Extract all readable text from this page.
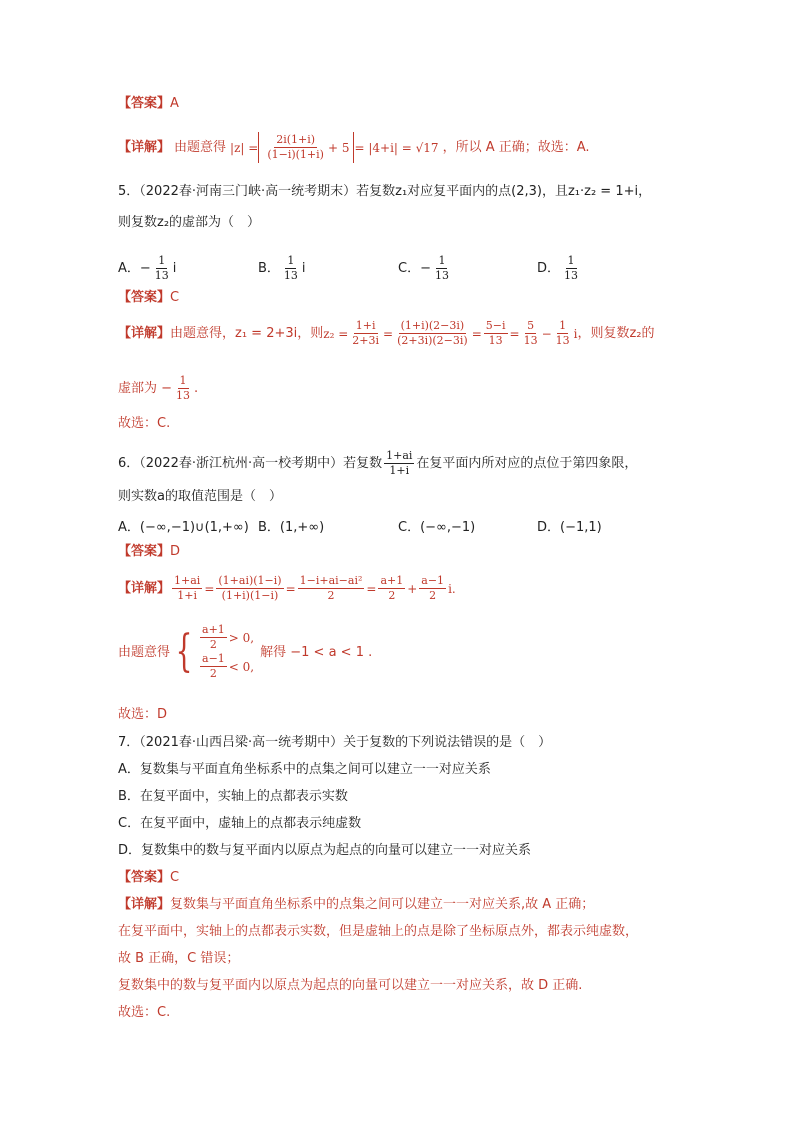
【答案】A
【详解】 由题意得 $|z| = \frac{2i(1+i)}{(1-i)(1+i)} + 5 = |4+i| = √17$ ，所以 A 正确；故选：A.
5．（2022春·河南三门峡·高一统考期末）若复数z₁对应复平面内的点(2,3)，且z₁·z₂ = 1+i，
则复数z₂的虚部为（　）
A．− $\frac{1}{13}$ i	B． $\frac{1}{13}$ i	C．− $\frac{1}{13}$	D． $\frac{1}{13}$
【答案】C
【详解】 由题意得，z₁ = 2+3i，则 $z_2 = \frac{1+i}{2+3i} = \frac{(1+i)(2-3i)}{(2+3i)(2-3i)} = \frac{5-i}{13} = \frac{5}{13} - \frac{1}{13}$ i ，则复数z₂的
虚部为 − $\frac{1}{13}$ .
故选：C.
6．（2022春·浙江杭州·高一校考期中）若复数 $\frac{1+ai}{1+i}$ 在复平面内所对应的点位于第四象限，
则实数a的取值范围是（　）
A．(−∞,−1)∪(1,+∞) B．(1,+∞)	C．(−∞,−1)	D．(−1,1)
【答案】D
【详解】 $\frac{1+ai}{1+i} = \frac{(1+ai)(1-i)}{(1+i)(1-i)} = \frac{\text{1−i+ai−ai²}}{2} = \frac{a+1}{2} + \frac{a-1}{2} i$.
由题意得 { $\frac{a+1}{2} > 0$,
$\frac{a-1}{2} < 0$,
解得 −1 < a < 1 .
故选：D
7．（2021春·山西吕梁·高一统考期中）关于复数的下列说法错误的是（　）
A．复数集与平面直角坐标系中的点集之间可以建立一一对应关系
B．在复平面中，实轴上的点都表示实数
C．在复平面中，虚轴上的点都表示纯虚数
D．复数集中的数与复平面内以原点为起点的向量可以建立一一对应关系
【答案】C
【详解】复数集与平面直角坐标系中的点集之间可以建立一一对应关系,故 A 正确；
在复平面中，实轴上的点都表示实数，但是虚轴上的点是除了坐标原点外，都表示纯虚数，
故 B 正确，C 错误；
复数集中的数与复平面内以原点为起点的向量可以建立一一对应关系，故 D 正确.
故选：C.
